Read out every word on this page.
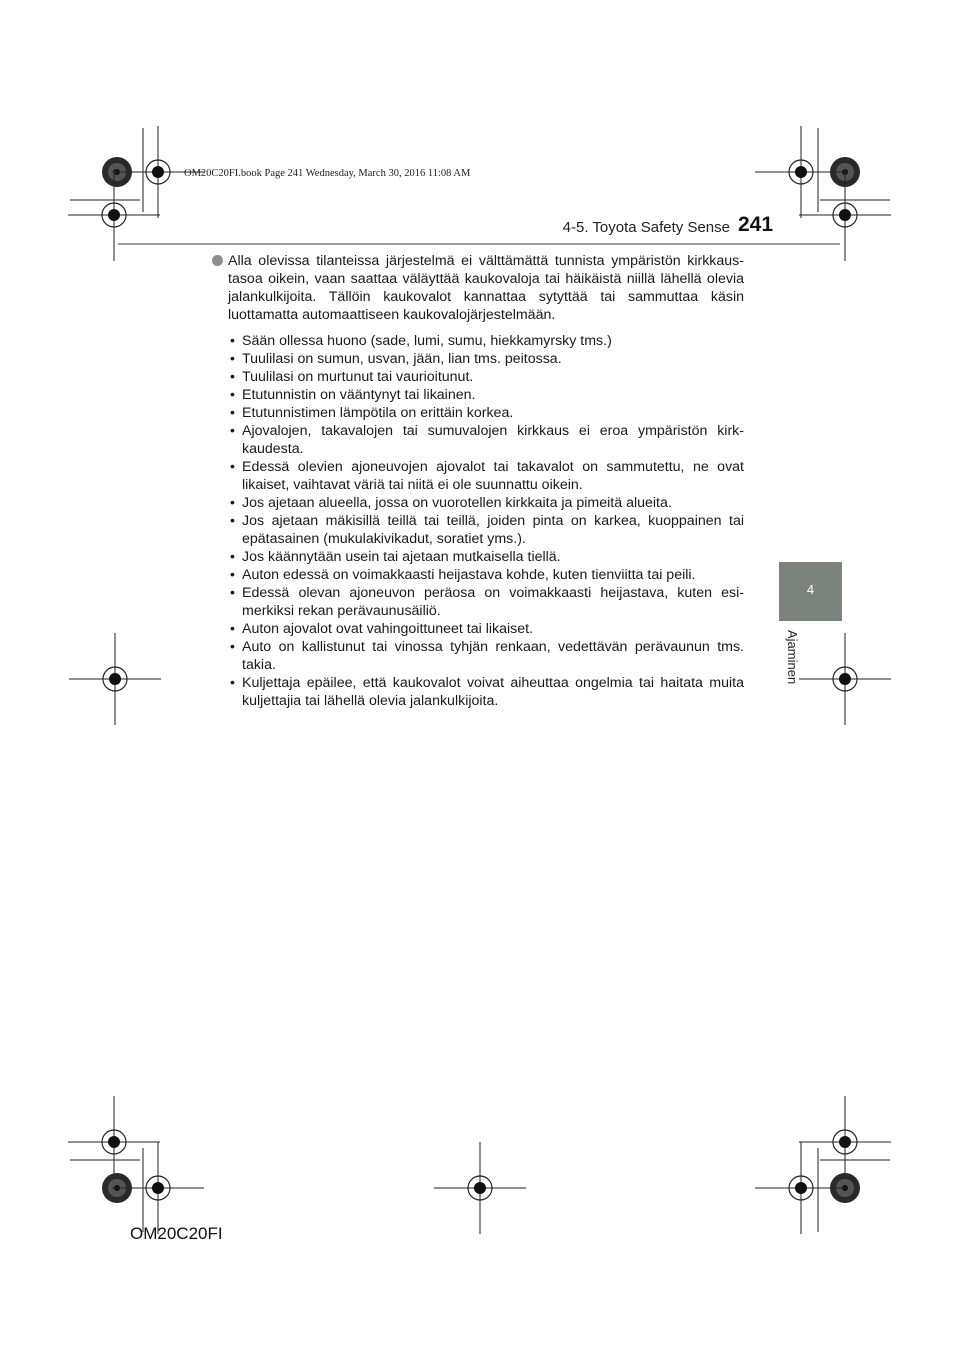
OM20C20FI.book Page 241 Wednesday, March 30, 2016 11:08 AM
4-5. Toyota Safety Sense 241
4
Ajaminen

Alla olevissa tilanteissa järjestelmä ei välttämättä tunnista ympäristön kirkkaus-tasoa oikein, vaan saattaa väläyttää kaukovaloja tai häikäistä niillä lähellä olevia jalankulkijoita. Tällöin kaukovalot kannattaa sytyttää tai sammuttaa käsin luottamatta automaattiseen kaukovalojärjestelmään.

• Sään ollessa huono (sade, lumi, sumu, hiekkamyrsky tms.)
• Tuulilasi on sumun, usvan, jään, lian tms. peitossa.
• Tuulilasi on murtunut tai vaurioitunut.
• Etutunnistin on vääntynyt tai likainen.
• Etutunnistimen lämpötila on erittäin korkea.
• Ajovalojen, takavalojen tai sumuvalojen kirkkaus ei eroa ympäristön kirk-kaudesta.
• Edessä olevien ajoneuvojen ajovalot tai takavalot on sammutettu, ne ovat likaiset, vaihtavat väriä tai niitä ei ole suunnattu oikein.
• Jos ajetaan alueella, jossa on vuorotellen kirkkaita ja pimeitä alueita.
• Jos ajetaan mäkisillä teillä tai teillä, joiden pinta on karkea, kuoppainen tai epätasainen (mukulakivikadut, soratiet yms.).
• Jos käännytään usein tai ajetaan mutkaisella tiellä.
• Auton edessä on voimakkaasti heijastava kohde, kuten tienviitta tai peili.
• Edessä olevan ajoneuvon peräosa on voimakkaasti heijastava, kuten esi-merkiksi rekan perävaunusäiliö.
• Auton ajovalot ovat vahingoittuneet tai likaiset.
• Auto on kallistunut tai vinossa tyhjän renkaan, vedettävän perävaunun tms. takia.
• Kuljettaja epäilee, että kaukovalot voivat aiheuttaa ongelmia tai haitata muita kuljettajia tai lähellä olevia jalankulkijoita.
OM20C20FI
